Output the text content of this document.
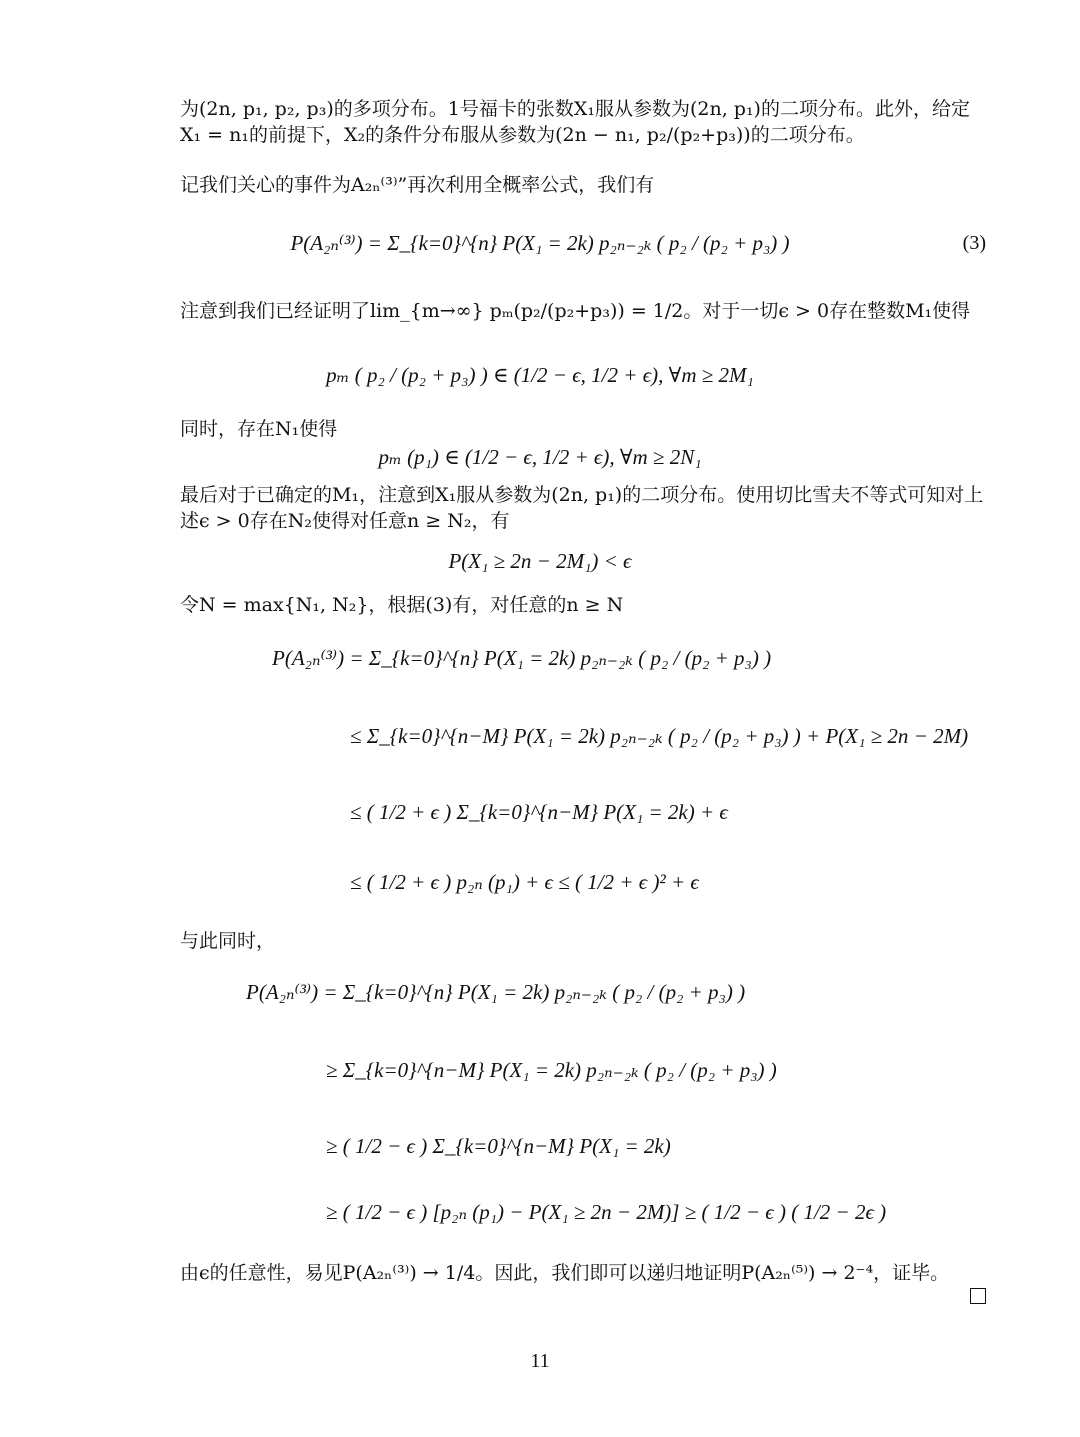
为(2n, p₁, p₂, p₃)的多项分布。1号福卡的张数X₁服从参数为(2n, p₁)的二项分布。此外，给定X₁ = n₁的前提下，X₂的条件分布服从参数为(2n − n₁, p₂/(p₂+p₃))的二项分布。
记我们关心的事件为A₂ₙ⁽³⁾”再次利用全概率公式，我们有
P(A₂ₙ⁽³⁾) = Σ_{k=0}^{n} P(X₁ = 2k) p₂ₙ₋₂ₖ ( p₂ / (p₂ + p₃) )	(3)
注意到我们已经证明了lim_{m→∞} pₘ(p₂/(p₂+p₃)) = 1/2。对于一切ϵ > 0存在整数M₁使得
pₘ ( p₂ / (p₂ + p₃) ) ∈ (1/2 − ϵ, 1/2 + ϵ), ∀m ≥ 2M₁
同时，存在N₁使得
pₘ (p₁) ∈ (1/2 − ϵ, 1/2 + ϵ), ∀m ≥ 2N₁
最后对于已确定的M₁，注意到X₁服从参数为(2n, p₁)的二项分布。使用切比雪夫不等式可知对上述ϵ > 0存在N₂使得对任意n ≥ N₂，有
P(X₁ ≥ 2n − 2M₁) < ϵ
令N = max{N₁, N₂}，根据(3)有，对任意的n ≥ N
P(A₂ₙ⁽³⁾) = Σ_{k=0}^{n} P(X₁ = 2k) p₂ₙ₋₂ₖ ( p₂ / (p₂ + p₃) )
≤ Σ_{k=0}^{n−M} P(X₁ = 2k) p₂ₙ₋₂ₖ ( p₂ / (p₂ + p₃) ) + P(X₁ ≥ 2n − 2M)
≤ ( 1/2 + ϵ ) Σ_{k=0}^{n−M} P(X₁ = 2k) + ϵ
≤ ( 1/2 + ϵ ) p₂ₙ (p₁) + ϵ ≤ ( 1/2 + ϵ )² + ϵ
与此同时，
P(A₂ₙ⁽³⁾) = Σ_{k=0}^{n} P(X₁ = 2k) p₂ₙ₋₂ₖ ( p₂ / (p₂ + p₃) )
≥ Σ_{k=0}^{n−M} P(X₁ = 2k) p₂ₙ₋₂ₖ ( p₂ / (p₂ + p₃) )
≥ ( 1/2 − ϵ ) Σ_{k=0}^{n−M} P(X₁ = 2k)
≥ ( 1/2 − ϵ ) [p₂ₙ (p₁) − P(X₁ ≥ 2n − 2M)] ≥ ( 1/2 − ϵ ) ( 1/2 − 2ϵ )
由ϵ的任意性，易见P(A₂ₙ⁽³⁾) → 1/4。因此，我们即可以递归地证明P(A₂ₙ⁽⁵⁾) → 2⁻⁴，证毕。
11
